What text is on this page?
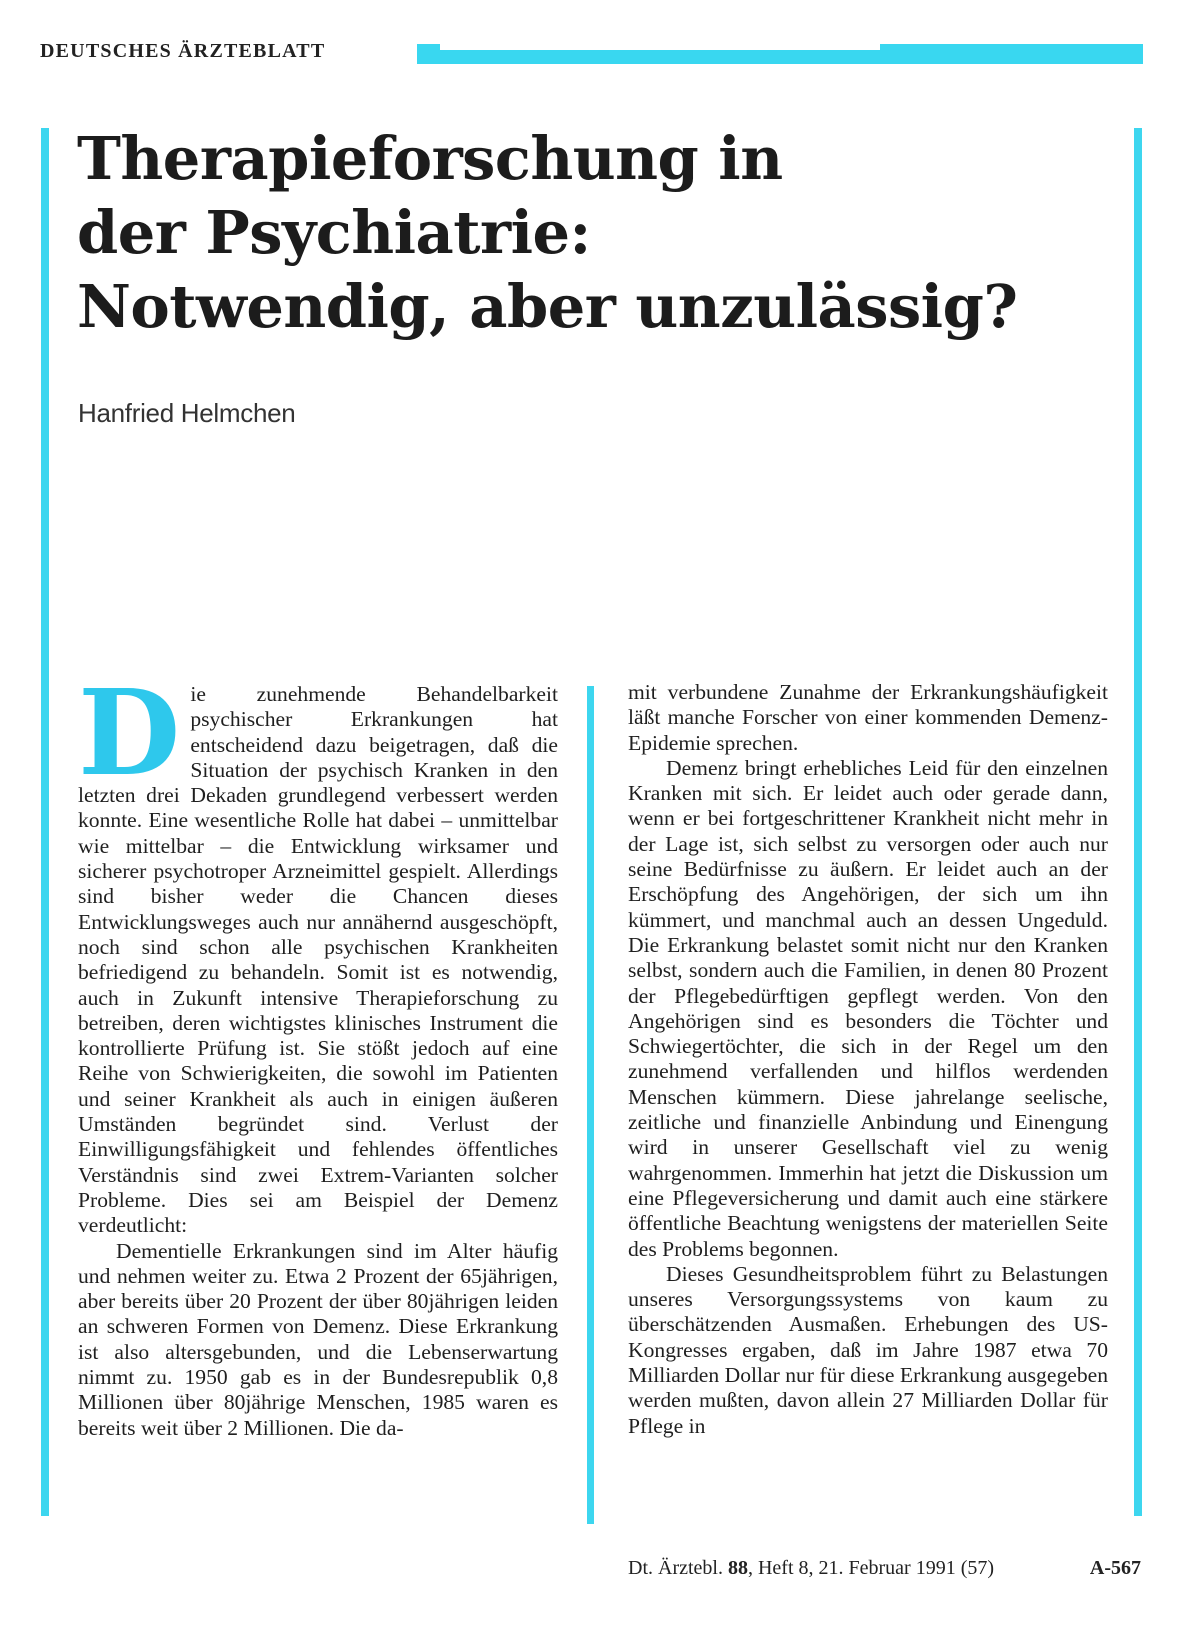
DEUTSCHES ÄRZTEBLATT
Therapieforschung in
der Psychiatrie:
Notwendig, aber unzulässig?
Hanfried Helmchen

Die zunehmende Behandelbarkeit psychischer Erkrankungen hat entscheidend dazu beigetragen, daß die Situation der psychisch Kranken in den letzten drei Dekaden grundlegend verbessert werden konnte. Eine wesentliche Rolle hat dabei – unmittelbar wie mittelbar – die Entwicklung wirksamer und sicherer psychotroper Arzneimittel gespielt. Allerdings sind bisher weder die Chancen dieses Entwicklungsweges auch nur annähernd ausgeschöpft, noch sind schon alle psychischen Krankheiten befriedigend zu behandeln. Somit ist es notwendig, auch in Zukunft intensive Therapieforschung zu betreiben, deren wichtigstes klinisches Instrument die kontrollierte Prüfung ist. Sie stößt jedoch auf eine Reihe von Schwierigkeiten, die sowohl im Patienten und seiner Krankheit als auch in einigen äußeren Umständen begründet sind. Verlust der Einwilligungsfähigkeit und fehlendes öffentliches Verständnis sind zwei Extrem-Varianten solcher Probleme. Dies sei am Beispiel der Demenz verdeutlicht:

Dementielle Erkrankungen sind im Alter häufig und nehmen weiter zu. Etwa 2 Prozent der 65jährigen, aber bereits über 20 Prozent der über 80jährigen leiden an schweren Formen von Demenz. Diese Erkrankung ist also altersgebunden, und die Lebenserwartung nimmt zu. 1950 gab es in der Bundesrepublik 0,8 Millionen über 80jährige Menschen, 1985 waren es bereits weit über 2 Millionen. Die da-

mit verbundene Zunahme der Erkrankungshäufigkeit läßt manche Forscher von einer kommenden Demenz-Epidemie sprechen.

Demenz bringt erhebliches Leid für den einzelnen Kranken mit sich. Er leidet auch oder gerade dann, wenn er bei fortgeschrittener Krankheit nicht mehr in der Lage ist, sich selbst zu versorgen oder auch nur seine Bedürfnisse zu äußern. Er leidet auch an der Erschöpfung des Angehörigen, der sich um ihn kümmert, und manchmal auch an dessen Ungeduld. Die Erkrankung belastet somit nicht nur den Kranken selbst, sondern auch die Familien, in denen 80 Prozent der Pflegebedürftigen gepflegt werden. Von den Angehörigen sind es besonders die Töchter und Schwiegertöchter, die sich in der Regel um den zunehmend verfallenden und hilflos werdenden Menschen kümmern. Diese jahrelange seelische, zeitliche und finanzielle Anbindung und Einengung wird in unserer Gesellschaft viel zu wenig wahrgenommen. Immerhin hat jetzt die Diskussion um eine Pflegeversicherung und damit auch eine stärkere öffentliche Beachtung wenigstens der materiellen Seite des Problems begonnen.

Dieses Gesundheitsproblem führt zu Belastungen unseres Versorgungssystems von kaum zu überschätzenden Ausmaßen. Erhebungen des US-Kongresses ergaben, daß im Jahre 1987 etwa 70 Milliarden Dollar nur für diese Erkrankung ausgegeben werden mußten, davon allein 27 Milliarden Dollar für Pflege in

Dt. Ärztebl. 88, Heft 8, 21. Februar 1991 (57)	A-567
